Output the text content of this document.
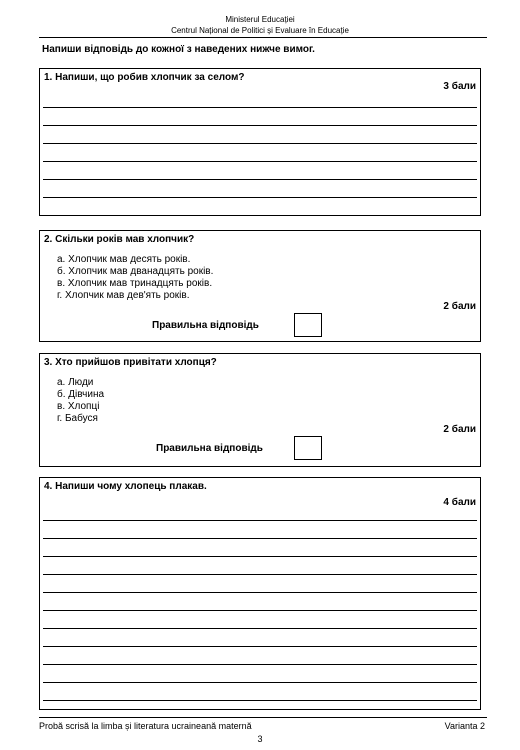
Ministerul Educației
Centrul Național de Politici și Evaluare în Educație
Напиши відповідь до кожної з наведених нижче вимог.
1. Напиши, що робив хлопчик за селом?
3 бали
2. Скільки років мав хлопчик?
а. Хлопчик мав десять років.
б. Хлопчик мав дванадцять років.
в. Хлопчик мав тринадцять років.
г. Хлопчик мав дев'ять років.
2 бали
Правильна відповідь
3. Хто прийшов привітати хлопця?
а. Люди
б. Дівчина
в. Хлопці
г. Бабуся
2 бали
Правильна відповідь
4. Напиши чому хлопець плакав.
4 бали
Probă scrisă la limba și literatura ucraineană maternă	Varianta 2
3
